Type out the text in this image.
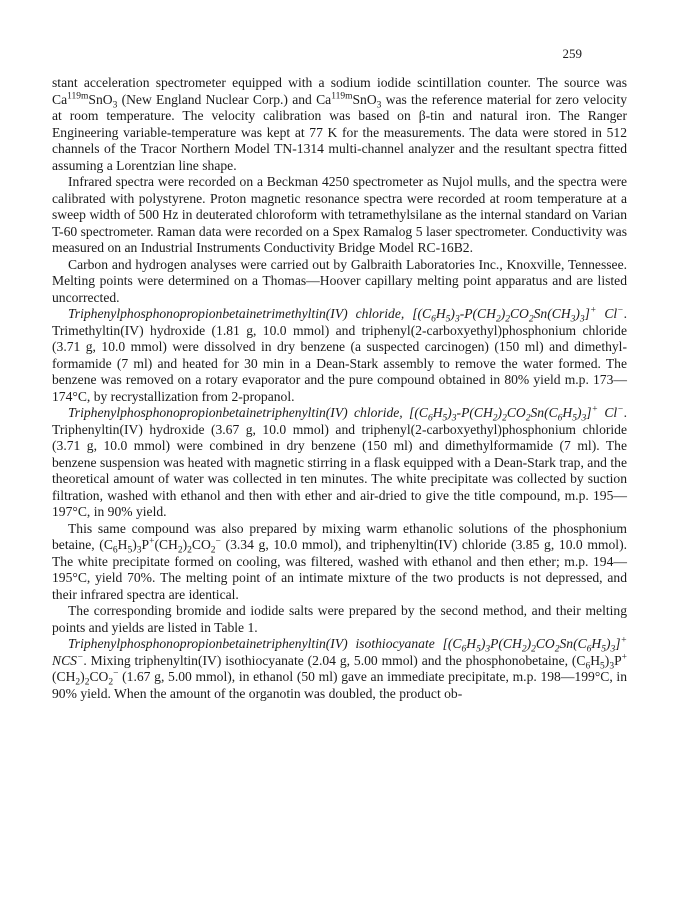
259

stant acceleration spectrometer equipped with a sodium iodide scintillation counter. The source was $Ca^{119m}SnO_3$ (New England Nuclear Corp.) and $Ca^{119m}SnO_3$ was the reference material for zero velocity at room temperature. The velocity calibration was based on β-tin and natural iron. The Ranger Engineering variable-temperature was kept at 77 K for the measurements. The data were stored in 512 channels of the Tracor Northern Model TN-1314 multi-channel analyzer and the resultant spectra fitted assuming a Lorentzian line shape.

Infrared spectra were recorded on a Beckman 4250 spectrometer as Nujol mulls, and the spectra were calibrated with polystyrene. Proton magnetic resonance spectra were recorded at room temperature at a sweep width of 500 Hz in deuterated chloroform with tetramethylsilane as the internal standard on Varian T-60 spectrometer. Raman data were recorded on a Spex Ramalog 5 laser spectrometer. Conductivity was measured on an Industrial Instruments Conductivity Bridge Model RC-16B2.

Carbon and hydrogen analyses were carried out by Galbraith Laboratories Inc., Knoxville, Tennessee. Melting points were determined on a Thomas—Hoover capillary melting point apparatus and are listed uncorrected.

Triphenylphosphonopropionbetainetrimethyltin(IV) chloride, $[(C_6H_5)_3-P(CH_2)_2CO_2Sn(CH_3)_3]^+$ Cl−. Trimethyltin(IV) hydroxide (1.81 g, 10.0 mmol) and triphenyl(2-carboxyethyl)phosphonium chloride (3.71 g, 10.0 mmol) were dissolved in dry benzene (a suspected carcinogen) (150 ml) and dimethyl-formamide (7 ml) and heated for 30 min in a Dean-Stark assembly to remove the water formed. The benzene was removed on a rotary evaporator and the pure compound obtained in 80% yield m.p. 173—174°C, by recrystallization from 2-propanol.

Triphenylphosphonopropionbetainetriphenyltin(IV) chloride, $[(C_6H_5)_3-P(CH_2)_2CO_2Sn(C_6H_5)_3]^+$ Cl−. Triphenyltin(IV) hydroxide (3.67 g, 10.0 mmol) and triphenyl(2-carboxyethyl)phosphonium chloride (3.71 g, 10.0 mmol) were combined in dry benzene (150 ml) and dimethylformamide (7 ml). The benzene suspension was heated with magnetic stirring in a flask equipped with a Dean-Stark trap, and the theoretical amount of water was collected in ten minutes. The white precipitate was collected by suction filtration, washed with ethanol and then with ether and air-dried to give the title compound, m.p. 195—197°C, in 90% yield.

This same compound was also prepared by mixing warm ethanolic solutions of the phosphonium betaine, $(C_6H_5)_3P^+(CH_2)_2CO_2^-$ (3.34 g, 10.0 mmol), and triphenyltin(IV) chloride (3.85 g, 10.0 mmol). The white precipitate formed on cooling, was filtered, washed with ethanol and then ether; m.p. 194—195°C, yield 70%. The melting point of an intimate mixture of the two products is not depressed, and their infrared spectra are identical.

The corresponding bromide and iodide salts were prepared by the second method, and their melting points and yields are listed in Table 1.

Triphenylphosphonopropionbetainetriphenyltin(IV) isothiocyanate $[(C_6H_5)_3P(CH_2)_2CO_2Sn(C_6H_5)_3]^+$ NCS−. Mixing triphenyltin(IV) isothiocyanate (2.04 g, 5.00 mmol) and the phosphonobetaine, $(C_6H_5)_3P^+$ $(CH_2)_2CO_2^-$ (1.67 g, 5.00 mmol), in ethanol (50 ml) gave an immediate precipitate, m.p. 198—199°C, in 90% yield. When the amount of the organotin was doubled, the product ob-
